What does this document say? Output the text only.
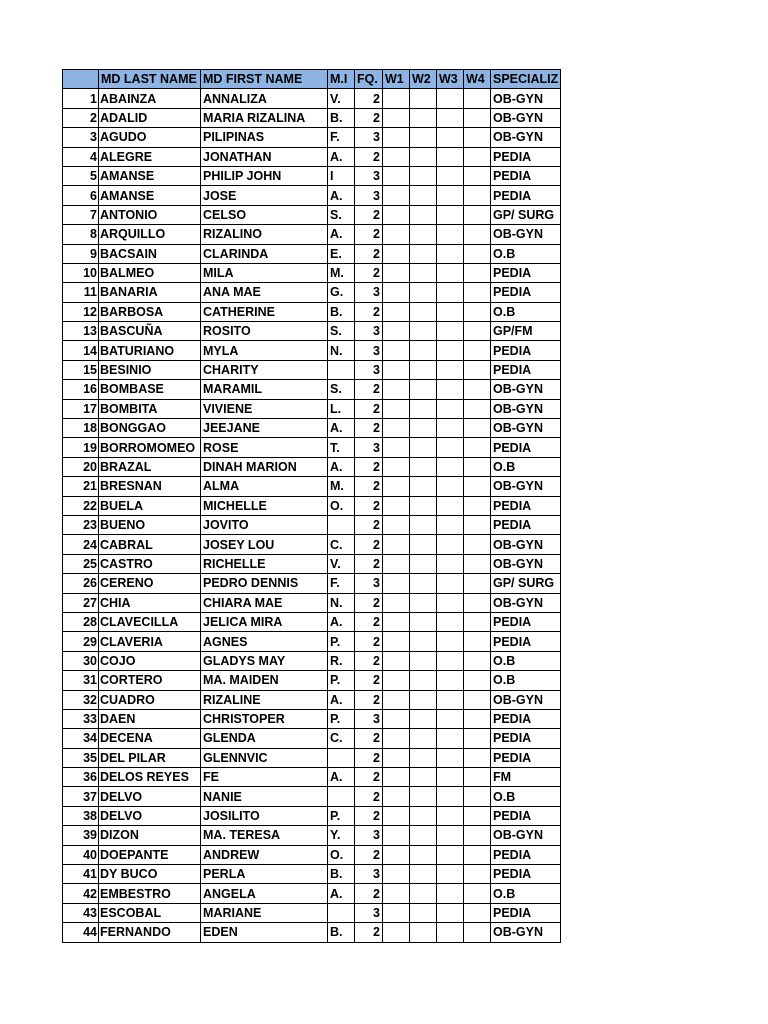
	MD LAST NAME	MD FIRST NAME	M.I	FQ.	W1	W2	W3	W4	SPECIALIZ
1	ABAINZA	ANNALIZA	V.	2					OB-GYN
2	ADALID	MARIA RIZALINA	B.	2					OB-GYN
3	AGUDO	PILIPINAS	F.	3					OB-GYN
4	ALEGRE	JONATHAN	A.	2					PEDIA
5	AMANSE	PHILIP JOHN	I	3					PEDIA
6	AMANSE	JOSE	A.	3					PEDIA
7	ANTONIO	CELSO	S.	2					GP/ SURG
8	ARQUILLO	RIZALINO	A.	2					OB-GYN
9	BACSAIN	CLARINDA	E.	2					O.B
10	BALMEO	MILA	M.	2					PEDIA
11	BANARIA	ANA MAE	G.	3					PEDIA
12	BARBOSA	CATHERINE	B.	2					O.B
13	BASCUÑA	ROSITO	S.	3					GP/FM
14	BATURIANO	MYLA	N.	3					PEDIA
15	BESINIO	CHARITY		3					PEDIA
16	BOMBASE	MARAMIL	S.	2					OB-GYN
17	BOMBITA	VIVIENE	L.	2					OB-GYN
18	BONGGAO	JEEJANE	A.	2					OB-GYN
19	BORROMOMEO	ROSE	T.	3					PEDIA
20	BRAZAL	DINAH MARION	A.	2					O.B
21	BRESNAN	ALMA	M.	2					OB-GYN
22	BUELA	MICHELLE	O.	2					PEDIA
23	BUENO	JOVITO		2					PEDIA
24	CABRAL	JOSEY LOU	C.	2					OB-GYN
25	CASTRO	RICHELLE	V.	2					OB-GYN
26	CERENO	PEDRO DENNIS	F.	3					GP/ SURG
27	CHIA	CHIARA MAE	N.	2					OB-GYN
28	CLAVECILLA	JELICA MIRA	A.	2					PEDIA
29	CLAVERIA	AGNES	P.	2					PEDIA
30	COJO	GLADYS MAY	R.	2					O.B
31	CORTERO	MA. MAIDEN	P.	2					O.B
32	CUADRO	RIZALINE	A.	2					OB-GYN
33	DAEN	CHRISTOPER	P.	3					PEDIA
34	DECENA	GLENDA	C.	2					PEDIA
35	DEL PILAR	GLENNVIC		2					PEDIA
36	DELOS REYES	FE	A.	2					FM
37	DELVO	NANIE		2					O.B
38	DELVO	JOSILITO	P.	2					PEDIA
39	DIZON	MA. TERESA	Y.	3					OB-GYN
40	DOEPANTE	ANDREW	O.	2					PEDIA
41	DY BUCO	PERLA	B.	3					PEDIA
42	EMBESTRO	ANGELA	A.	2					O.B
43	ESCOBAL	MARIANE		3					PEDIA
44	FERNANDO	EDEN	B.	2					OB-GYN
